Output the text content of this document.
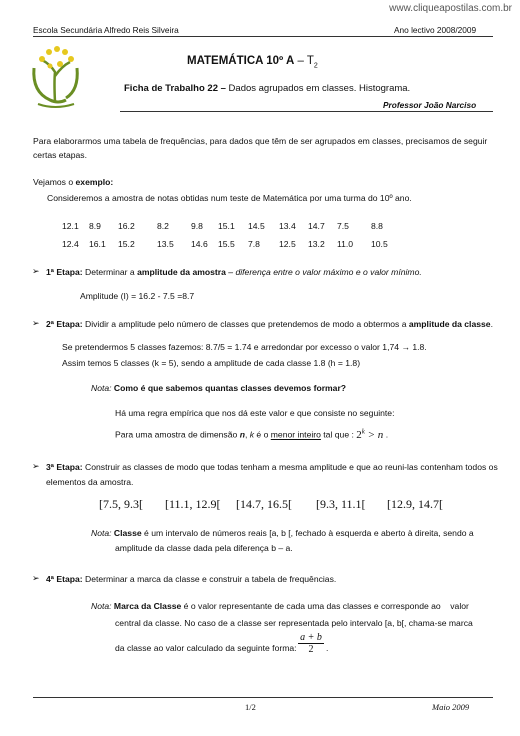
www.cliqueapostilas.com.br
Escola Secundária Alfredo Reis Silveira	Ano lectivo 2008/2009
MATEMÁTICA 10º A – $T_2$
Ficha de Trabalho 22 – Dados agrupados em classes. Histograma.
Professor João Narciso
Para elaborarmos uma tabela de frequências, para dados que têm de ser agrupados em classes, precisamos de seguir
certas etapas.
Vejamos o exemplo:
Consideremos a amostra de notas obtidas num teste de Matemática por uma turma do 10º ano.
12.1	8.9	16.2	8.2	9.8	15.1	14.5	13.4	14.7	7.5	8.8
12.4	16.1	15.2	13.5	14.6	15.5	7.8	12.5	13.2	11.0	10.5
➢ 1ª Etapa: Determinar a amplitude da amostra – diferença entre o valor máximo e o valor mínimo.
Amplitude (I) = 16.2 - 7.5 =8.7
➢ 2ª Etapa: Dividir a amplitude pelo número de classes que pretendemos de modo a obtermos a amplitude da classe.
Se pretendermos 5 classes fazemos: 8.7/5 = 1.74 e arredondar por excesso o valor 1,74 → 1.8.
Assim temos 5 classes (k = 5), sendo a amplitude de cada classe 1.8 (h = 1.8)
Nota: Como é que sabemos quantas classes devemos formar?
Há uma regra empírica que nos dá este valor e que consiste no seguinte:
Para uma amostra de dimensão n, k é o menor inteiro tal que : $2^k > n$ .
➢ 3ª Etapa: Construir as classes de modo que todas tenham a mesma amplitude e que ao reuni-las contenham todos os
elementos da amostra.
[7.5, 9.3[ [11.1, 12.9[ [14.7, 16.5[ [9.3, 11.1[ [12.9, 14.7[
Nota: Classe é um intervalo de números reais [a, b [, fechado à esquerda e aberto à direita, sendo a
amplitude da classe dada pela diferença b – a.
➢ 4ª Etapa: Determinar a marca da classe e construir a tabela de frequências.
Nota: Marca da Classe é o valor representante de cada uma das classes e corresponde ao    valor
central da classe. No caso de a classe ser representada pelo intervalo [a, b[, chama-se marca
da classe ao valor calculado da seguinte forma: $\frac{a + b}{2}$ .
1/2	Maio 2009
